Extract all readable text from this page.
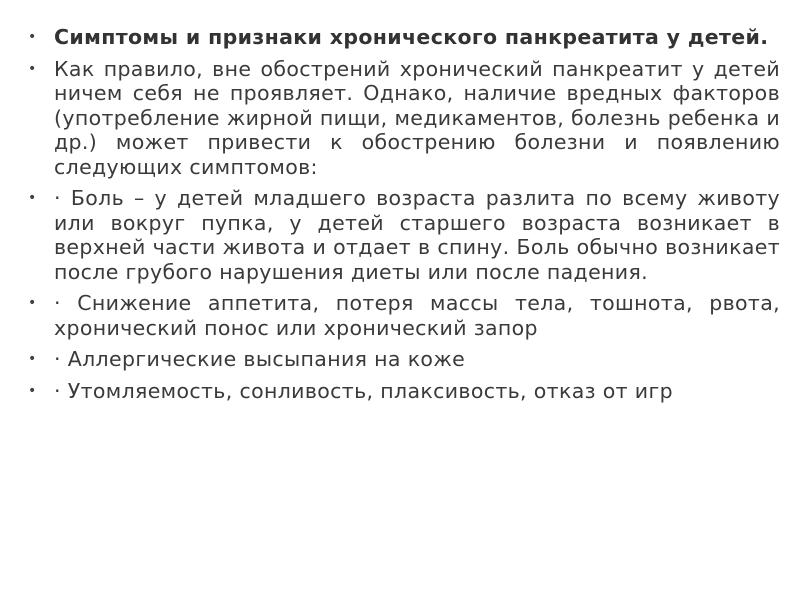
• Симптомы и признаки хронического панкреатита у детей.
• Как правило, вне обострений хронический панкреатит у детей ничем себя не проявляет. Однако, наличие вредных факторов (употребление жирной пищи, медикаментов, болезнь ребенка и др.) может привести к обострению болезни и появлению следующих симптомов:
• · Боль – у детей младшего возраста разлита по всему животу или вокруг пупка, у детей старшего возраста возникает в верхней части живота и отдает в спину. Боль обычно возникает после грубого нарушения диеты или после падения.
• · Снижение аппетита, потеря массы тела, тошнота, рвота, хронический понос или хронический запор
• · Аллергические высыпания на коже
• · Утомляемость, сонливость, плаксивость, отказ от игр
